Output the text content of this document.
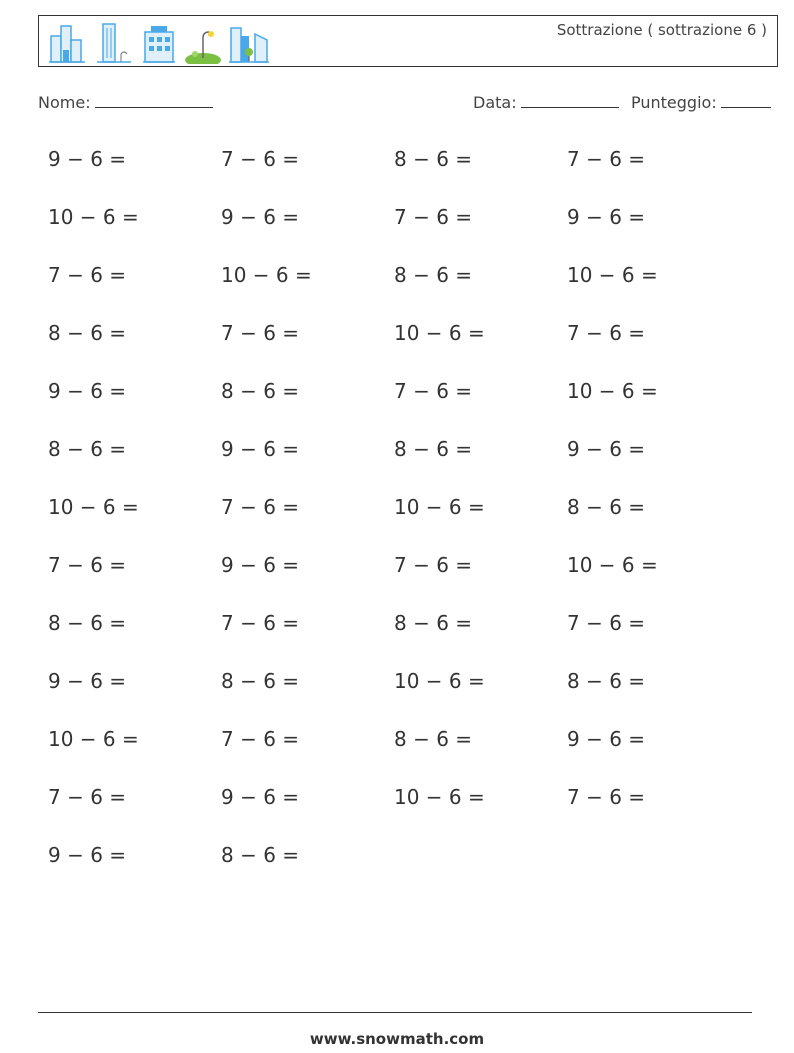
Sottrazione ( sottrazione 6 )
Nome:	Data:	Punteggio:
9 − 6 =	7 − 6 =	8 − 6 =	7 − 6 =
10 − 6 =	9 − 6 =	7 − 6 =	9 − 6 =
7 − 6 =	10 − 6 =	8 − 6 =	10 − 6 =
8 − 6 =	7 − 6 =	10 − 6 =	7 − 6 =
9 − 6 =	8 − 6 =	7 − 6 =	10 − 6 =
8 − 6 =	9 − 6 =	8 − 6 =	9 − 6 =
10 − 6 =	7 − 6 =	10 − 6 =	8 − 6 =
7 − 6 =	9 − 6 =	7 − 6 =	10 − 6 =
8 − 6 =	7 − 6 =	8 − 6 =	7 − 6 =
9 − 6 =	8 − 6 =	10 − 6 =	8 − 6 =
10 − 6 =	7 − 6 =	8 − 6 =	9 − 6 =
7 − 6 =	9 − 6 =	10 − 6 =	7 − 6 =
9 − 6 =	8 − 6 =
www.snowmath.com
